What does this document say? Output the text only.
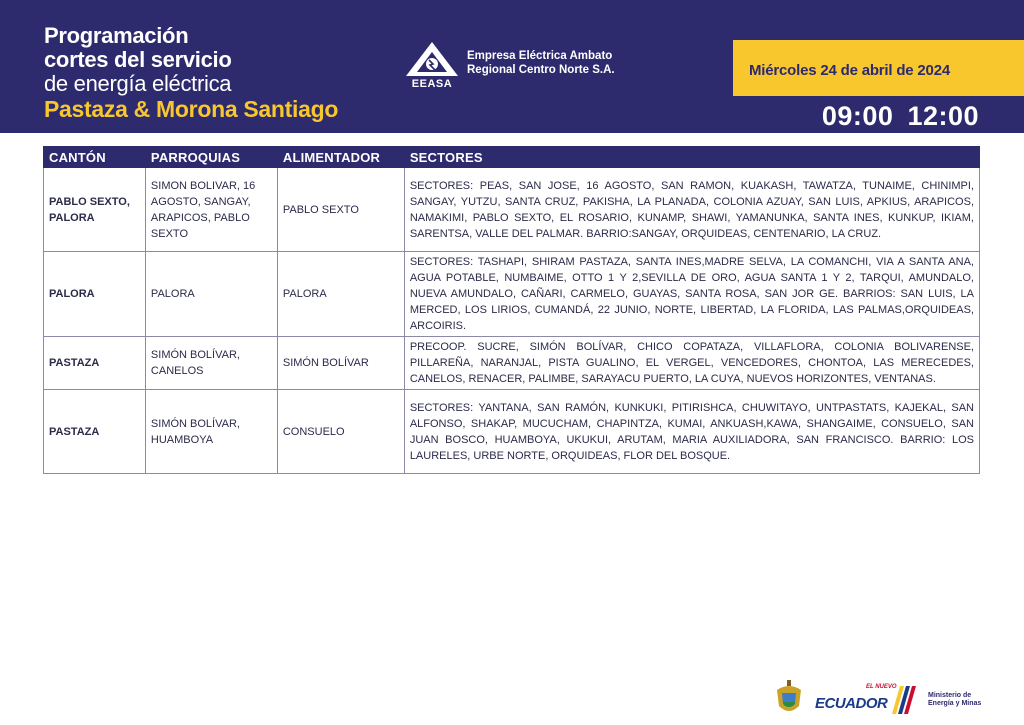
Programación
cortes del servicio
de energía eléctrica
Pastaza & Morona Santiago
EEASA
Empresa Eléctrica Ambato
Regional Centro Norte S.A.	Miércoles 24 de abril de 2024
09:00 12:00
CANTÓN	PARROQUIAS	ALIMENTADOR	SECTORES
PABLO SEXTO, PALORA	SIMON BOLIVAR, 16 AGOSTO, SANGAY, ARAPICOS, PABLO SEXTO	PABLO SEXTO	SECTORES: PEAS, SAN JOSE, 16 AGOSTO, SAN RAMON, KUAKASH, TAWATZA, TUNAIME, CHINIMPI, SANGAY, YUTZU, SANTA CRUZ, PAKISHA, LA PLANADA, COLONIA AZUAY, SAN LUIS, APKIUS, ARAPICOS, NAMAKIMI, PABLO SEXTO, EL ROSARIO, KUNAMP, SHAWI, YAMANUNKA, SANTA INES, KUNKUP, IKIAM, SARENTSA, VALLE DEL PALMAR. BARRIO:SANGAY, ORQUIDEAS, CENTENARIO, LA CRUZ.
PALORA	PALORA	PALORA	SECTORES: TASHAPI, SHIRAM PASTAZA, SANTA INES,MADRE SELVA, LA COMANCHI, VIA A SANTA ANA, AGUA POTABLE, NUMBAIME, OTTO 1 Y 2,SEVILLA DE ORO, AGUA SANTA 1 Y 2, TARQUI, AMUNDALO, NUEVA AMUNDALO, CAÑARI, CARMELO, GUAYAS, SANTA ROSA, SAN JOR GE. BARRIOS: SAN LUIS, LA MERCED, LOS LIRIOS, CUMANDÁ, 22 JUNIO, NORTE, LIBERTAD, LA FLORIDA, LAS PALMAS,ORQUIDEAS, ARCOIRIS.
PASTAZA	SIMÓN BOLÍVAR, CANELOS	SIMÓN BOLÍVAR	PRECOOP. SUCRE, SIMÓN BOLÍVAR, CHICO COPATAZA, VILLAFLORA, COLONIA BOLIVARENSE, PILLAREÑA, NARANJAL, PISTA GUALINO, EL VERGEL, VENCEDORES, CHONTOA, LAS MERECEDES, CANELOS, RENACER, PALIMBE, SARAYACU PUERTO, LA CUYA, NUEVOS HORIZONTES, VENTANAS.
PASTAZA	SIMÓN BOLÍVAR, HUAMBOYA	CONSUELO	SECTORES: YANTANA, SAN RAMÓN, KUNKUKI, PITIRISHCA, CHUWITAYO, UNTPASTATS, KAJEKAL, SAN ALFONSO, SHAKAP, MUCUCHAM, CHAPINTZA, KUMAI, ANKUASH,KAWA, SHANGAIME, CONSUELO, SAN JUAN BOSCO, HUAMBOYA, UKUKUI, ARUTAM, MARIA AUXILIADORA, SAN FRANCISCO. BARRIO: LOS LAURELES, URBE NORTE, ORQUIDEAS, FLOR DEL BOSQUE.
EL NUEVO
ECUADOR	Ministerio de
Energía y Minas
